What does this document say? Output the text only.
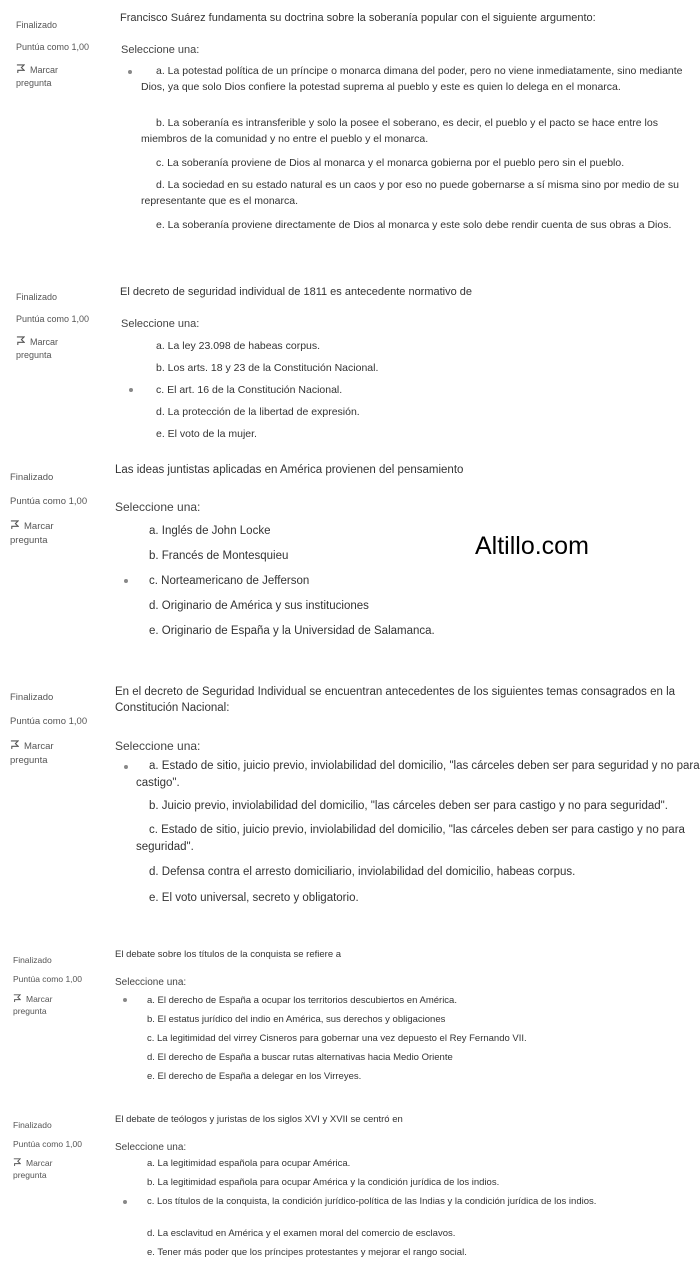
Finalizado
Puntúa como 1,00
Marcar pregunta
Francisco Suárez fundamenta su doctrina sobre la soberanía popular con el siguiente argumento:
Seleccione una:
a. La potestad política de un príncipe o monarca dimana del poder, pero no viene inmediatamente, sino mediante Dios, ya que solo Dios confiere la potestad suprema al pueblo y este es quien lo delega en el monarca.
b. La soberanía es intransferible y solo la posee el soberano, es decir, el pueblo y el pacto se hace entre los miembros de la comunidad y no entre el pueblo y el monarca.
c. La soberanía proviene de Dios al monarca y el monarca gobierna por el pueblo pero sin el pueblo.
d. La sociedad en su estado natural es un caos y por eso no puede gobernarse a sí misma sino por medio de su representante que es el monarca.
e. La soberanía proviene directamente de Dios al monarca y este solo debe rendir cuenta de sus obras a Dios.
Finalizado
Puntúa como 1,00
Marcar pregunta
El decreto de seguridad individual de 1811 es antecedente normativo de
Seleccione una:
a. La ley 23.098 de habeas corpus.
b. Los arts. 18 y 23 de la Constitución Nacional.
c. El art. 16 de la Constitución Nacional.
d. La protección de la libertad de expresión.
e. El voto de la mujer.
Finalizado
Puntúa como 1,00
Marcar pregunta
Las ideas juntistas aplicadas en América provienen del pensamiento
Seleccione una:
a. Inglés de John Locke
b. Francés de Montesquieu
c. Norteamericano de Jefferson
d. Originario de América y sus instituciones
e. Originario de España y la Universidad de Salamanca.
Altillo.com
Finalizado
Puntúa como 1,00
Marcar pregunta
En el decreto de Seguridad Individual se encuentran antecedentes de los siguientes temas consagrados en la Constitución Nacional:
Seleccione una:
a. Estado de sitio, juicio previo, inviolabilidad del domicilio, "las cárceles deben ser para seguridad y no para castigo".
b. Juicio previo, inviolabilidad del domicilio, "las cárceles deben ser para castigo y no para seguridad".
c. Estado de sitio, juicio previo, inviolabilidad del domicilio, "las cárceles deben ser para castigo y no para seguridad".
d. Defensa contra el arresto domiciliario, inviolabilidad del domicilio, habeas corpus.
e. El voto universal, secreto y obligatorio.
Finalizado
Puntúa como 1,00
Marcar pregunta
El debate sobre los títulos de la conquista se refiere a
Seleccione una:
a. El derecho de España a ocupar los territorios descubiertos en América.
b. El estatus jurídico del indio en América, sus derechos y obligaciones
c. La legitimidad del virrey Cisneros para gobernar una vez depuesto el Rey Fernando VII.
d. El derecho de España a buscar rutas alternativas hacia Medio Oriente
e. El derecho de España a delegar en los Virreyes.
Finalizado
Puntúa como 1,00
Marcar pregunta
El debate de teólogos y juristas de los siglos XVI y XVII se centró en
Seleccione una:
a. La legitimidad española para ocupar América.
b. La legitimidad española para ocupar América y la condición jurídica de los indios.
c. Los títulos de la conquista, la condición jurídico-política de las Indias y la condición jurídica de los indios.
d. La esclavitud en América y el examen moral del comercio de esclavos.
e. Tener más poder que los príncipes protestantes y mejorar el rango social.
